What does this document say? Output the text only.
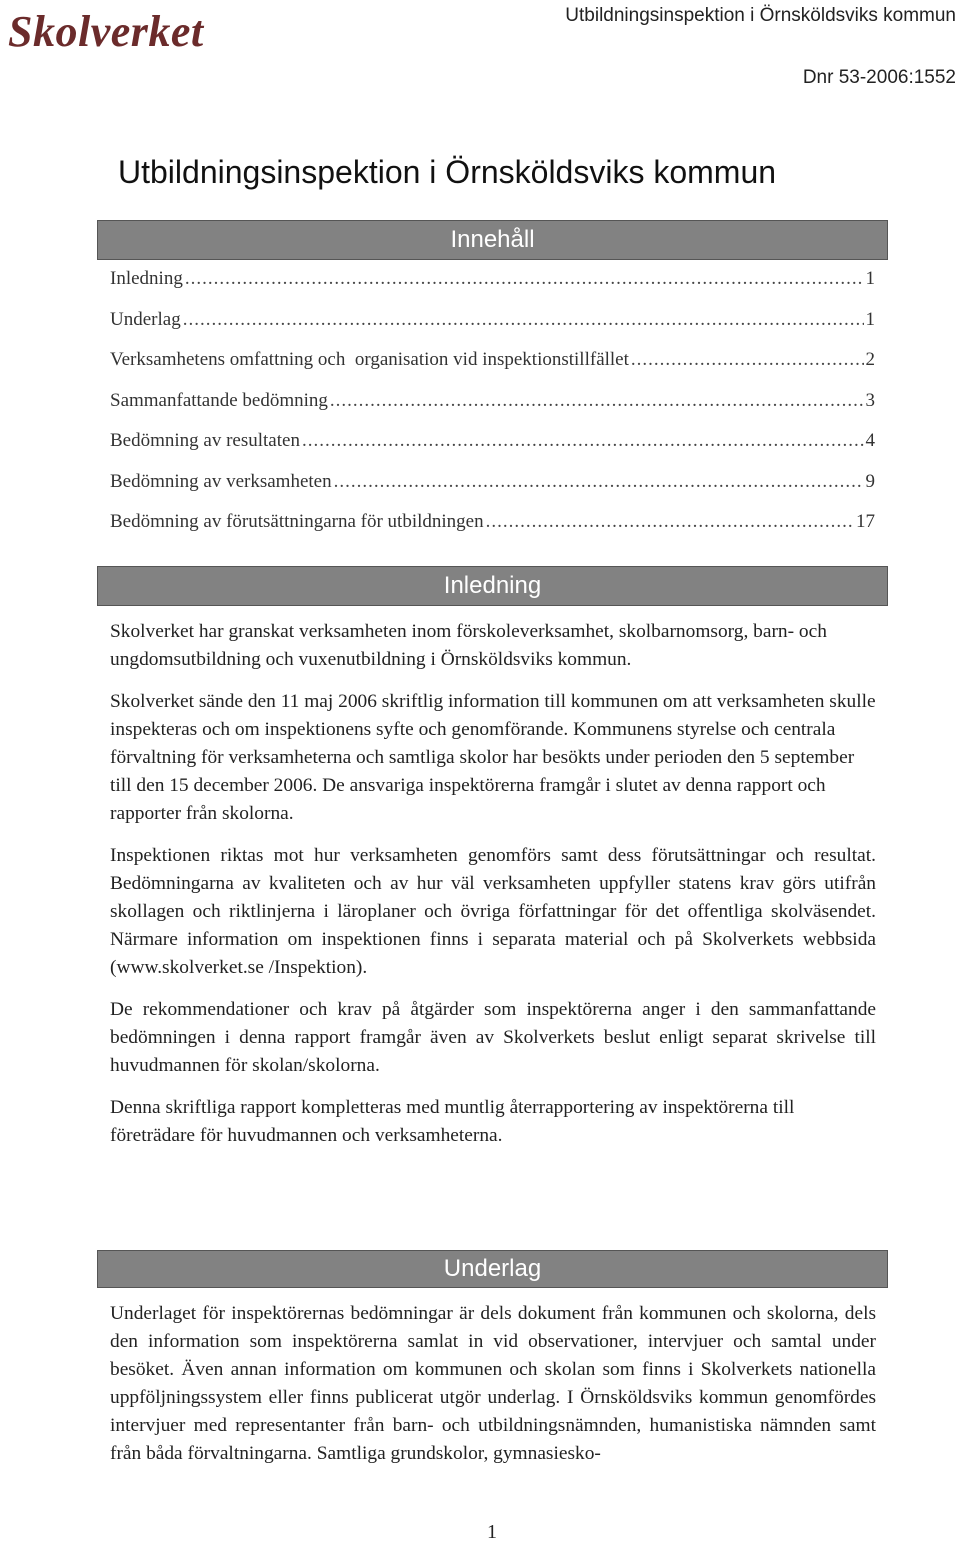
Skolverket	Utbildningsinspektion i Örnsköldsviks kommun
Dnr 53-2006:1552
Utbildningsinspektion i Örnsköldsviks kommun
Innehåll
Inledning .....	1
Underlag .....	1
Verksamhetens omfattning och  organisation vid inspektionstillfället .....	2
Sammanfattande bedömning .....	3
Bedömning av resultaten .....	4
Bedömning av verksamheten .....	9
Bedömning av förutsättningarna för utbildningen .....	17
Inledning

Skolverket har granskat verksamheten inom förskoleverksamhet, skolbarnomsorg, barn- och ungdomsutbildning och vuxenutbildning i Örnsköldsviks kommun.

Skolverket sände den 11 maj 2006 skriftlig information till kommunen om att verksamheten skulle inspekteras och om inspektionens syfte och genomförande. Kommunens styrelse och centrala förvaltning för verksamheterna och samtliga skolor har besökts under perioden den 5 september till den 15 december 2006. De ansvariga inspektörerna framgår i slutet av denna rapport och rapporter från skolorna.

Inspektionen riktas mot hur verksamheten genomförs samt dess förutsättningar och resultat. Bedömningarna av kvaliteten och av hur väl verksamheten uppfyller statens krav görs utifrån skollagen och riktlinjerna i läroplaner och övriga författningar för det offentliga skolväsendet. Närmare information om inspektionen finns i separata material och på Skolverkets webbsida (www.skolverket.se /Inspektion).

De rekommendationer och krav på åtgärder som inspektörerna anger i den sammanfattande bedömningen i denna rapport framgår även av Skolverkets beslut enligt separat skrivelse till huvudmannen för skolan/skolorna.

Denna skriftliga rapport kompletteras med muntlig återrapportering av inspektörerna till företrädare för huvudmannen och verksamheterna.

Underlag

Underlaget för inspektörernas bedömningar är dels dokument från kommunen och skolorna, dels den information som inspektörerna samlat in vid observationer, intervjuer och samtal under besöket. Även annan information om kommunen och skolan som finns i Skolverkets nationella uppföljningssystem eller finns publicerat utgör underlag. I Örnsköldsviks kommun genomfördes intervjuer med representanter från barn- och utbildningsnämnden, humanistiska nämnden samt från båda förvaltningarna. Samtliga grundskolor, gymnasiesko-

1
